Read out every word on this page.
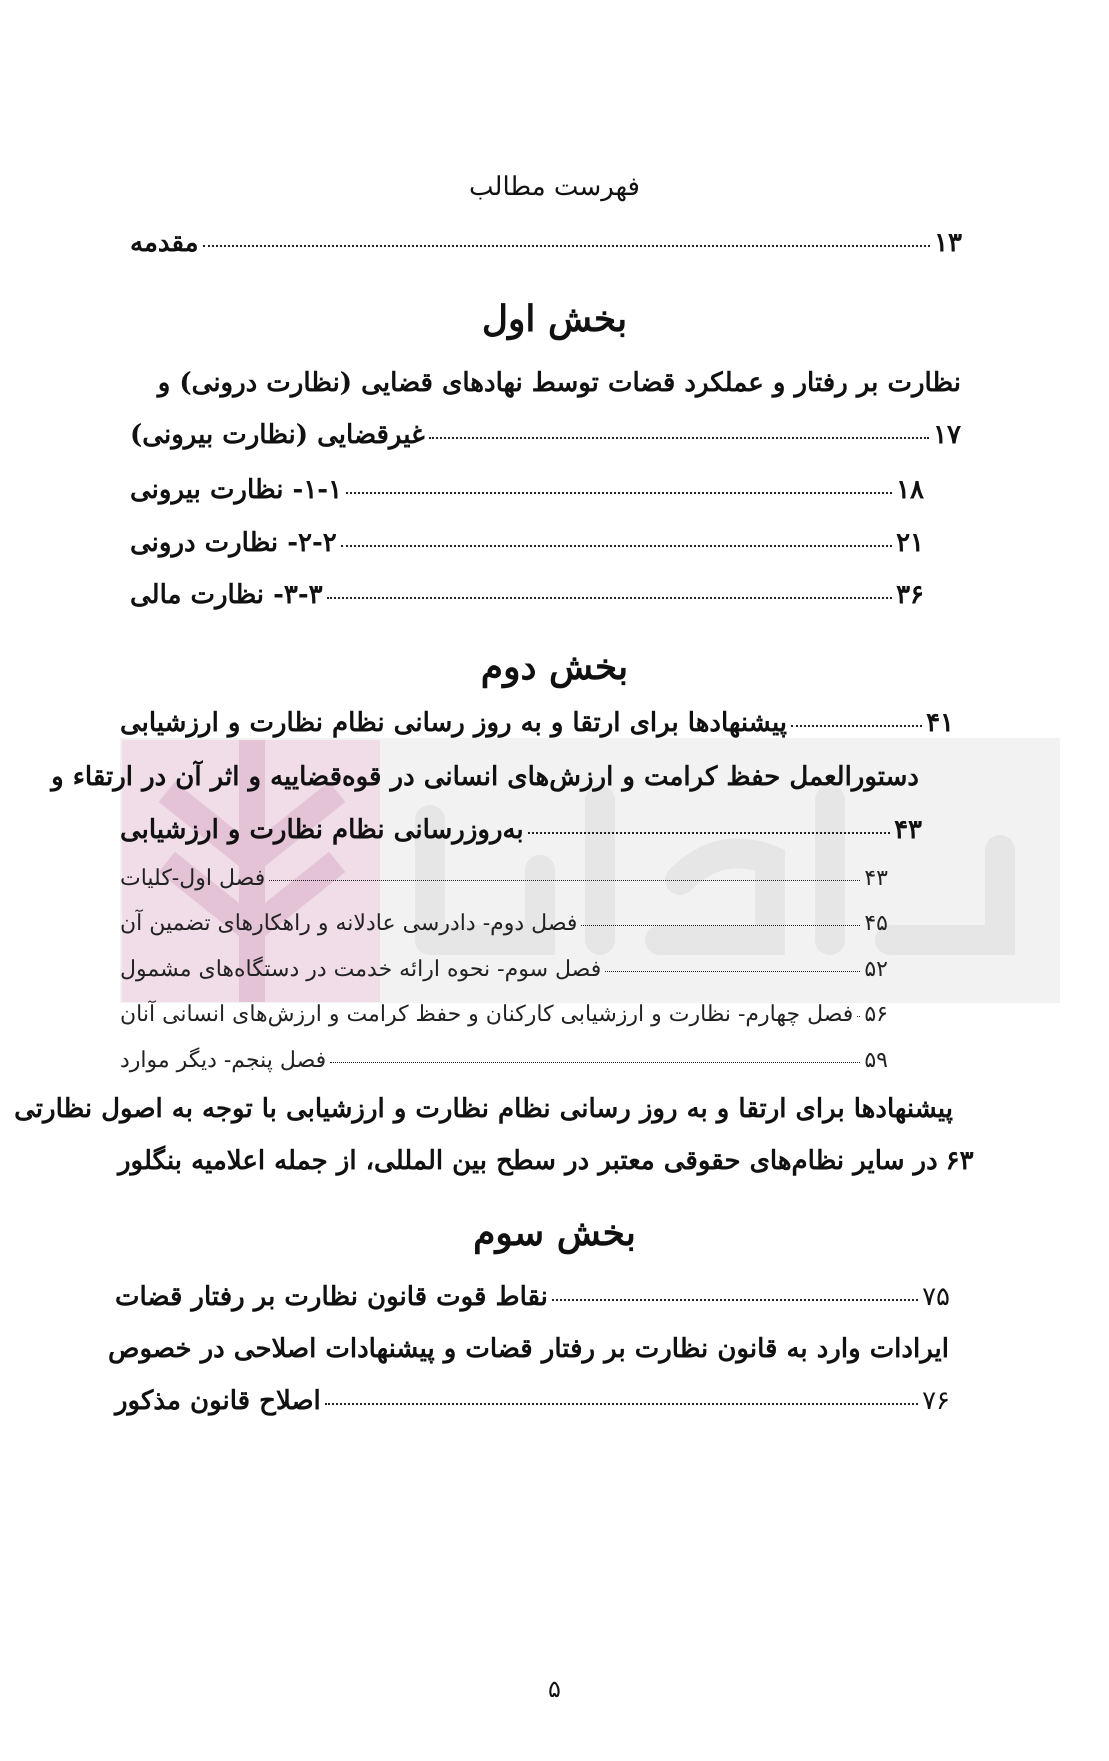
فهرست مطالب
مقدمه	۱۳
بخش اول
نظارت بر رفتار و عملکرد قضات توسط نهادهای قضایی (نظارت درونی) و
غیرقضایی (نظارت بیرونی)	۱۷
۱-۱- نظارت بیرونی	۱۸
۲-۲- نظارت درونی	۲۱
۳-۳- نظارت مالی	۳۶
بخش دوم
پیشنهادها برای ارتقا و به روز رسانی نظام نظارت و ارزشیابی	۴۱
دستورالعمل حفظ کرامت و ارزش‌های انسانی در قوه‌قضاییه و اثر آن در ارتقاء و
به‌روزرسانی نظام نظارت و ارزشیابی	۴۳
فصل اول-کلیات	۴۳
فصل دوم- دادرسی عادلانه و راهکارهای تضمین آن	۴۵
فصل سوم- نحوه ارائه خدمت در دستگاه‌های مشمول	۵۲
فصل چهارم- نظارت و ارزشیابی کارکنان و حفظ کرامت و ارزش‌های انسانی آنان ۵۶
فصل پنجم- دیگر موارد	۵۹
پیشنهادها برای ارتقا و به روز رسانی نظام نظارت و ارزشیابی با توجه به اصول نظارتی
در سایر نظام‌های حقوقی معتبر در سطح بین المللی، از جمله اعلامیه بنگلور ۶۳
بخش سوم
نقاط قوت قانون نظارت بر رفتار قضات	۷۵
ایرادات وارد به قانون نظارت بر رفتار قضات و پیشنهادات اصلاحی در خصوص
اصلاح قانون مذکور	۷۶
۵
